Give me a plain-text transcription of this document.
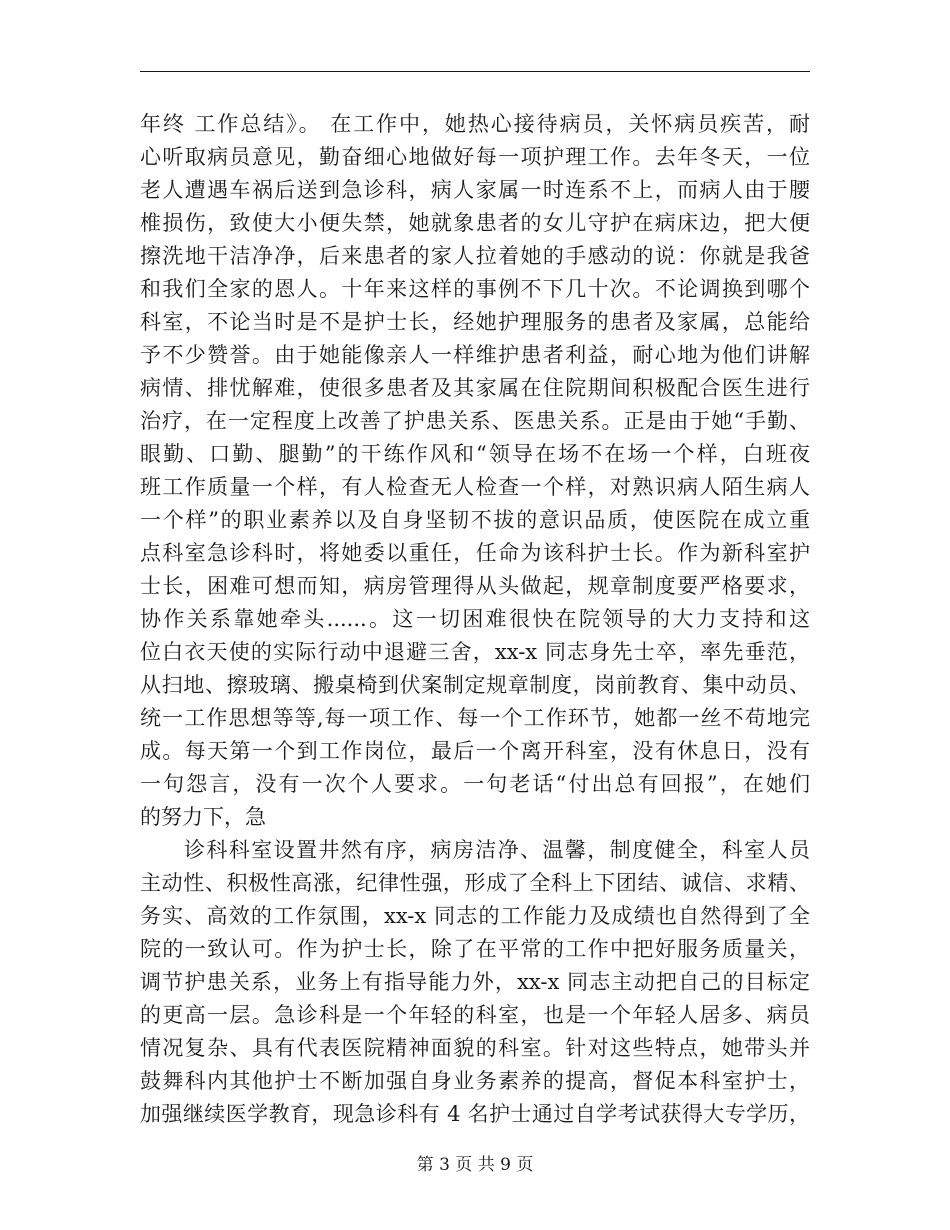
年终 工作总结》。 在工作中，她热心接待病员，关怀病员疾苦，耐
心听取病员意见，勤奋细心地做好每一项护理工作。去年冬天，一位
老人遭遇车祸后送到急诊科，病人家属一时连系不上，而病人由于腰
椎损伤，致使大小便失禁，她就象患者的女儿守护在病床边，把大便
擦洗地干洁净净，后来患者的家人拉着她的手感动的说：你就是我爸
和我们全家的恩人。十年来这样的事例不下几十次。不论调换到哪个
科室，不论当时是不是护士长，经她护理服务的患者及家属，总能给
予不少赞誉。由于她能像亲人一样维护患者利益，耐心地为他们讲解
病情、排忧解难，使很多患者及其家属在住院期间积极配合医生进行
治疗，在一定程度上改善了护患关系、医患关系。正是由于她“手勤、
眼勤、口勤、腿勤”的干练作风和“领导在场不在场一个样，白班夜
班工作质量一个样，有人检查无人检查一个样，对熟识病人陌生病人
一个样”的职业素养以及自身坚韧不拔的意识品质，使医院在成立重
点科室急诊科时，将她委以重任，任命为该科护士长。作为新科室护
士长，困难可想而知，病房管理得从头做起，规章制度要严格要求，
协作关系靠她牵头......。这一切困难很快在院领导的大力支持和这
位白衣天使的实际行动中退避三舍，xx-x 同志身先士卒，率先垂范，
从扫地、擦玻璃、搬桌椅到伏案制定规章制度，岗前教育、集中动员、
统一工作思想等等,每一项工作、每一个工作环节，她都一丝不苟地完
成。每天第一个到工作岗位，最后一个离开科室，没有休息日，没有
一句怨言，没有一次个人要求。一句老话“付出总有回报”，在她们
的努力下，急
诊科科室设置井然有序，病房洁净、温馨，制度健全，科室人员
主动性、积极性高涨，纪律性强，形成了全科上下团结、诚信、求精、
务实、高效的工作氛围，xx-x 同志的工作能力及成绩也自然得到了全
院的一致认可。作为护士长，除了在平常的工作中把好服务质量关，
调节护患关系，业务上有指导能力外，xx-x 同志主动把自己的目标定
的更高一层。急诊科是一个年轻的科室，也是一个年轻人居多、病员
情况复杂、具有代表医院精神面貌的科室。针对这些特点，她带头并
鼓舞科内其他护士不断加强自身业务素养的提高，督促本科室护士，
加强继续医学教育，现急诊科有 4 名护士通过自学考试获得大专学历，
第 3 页 共 9 页
